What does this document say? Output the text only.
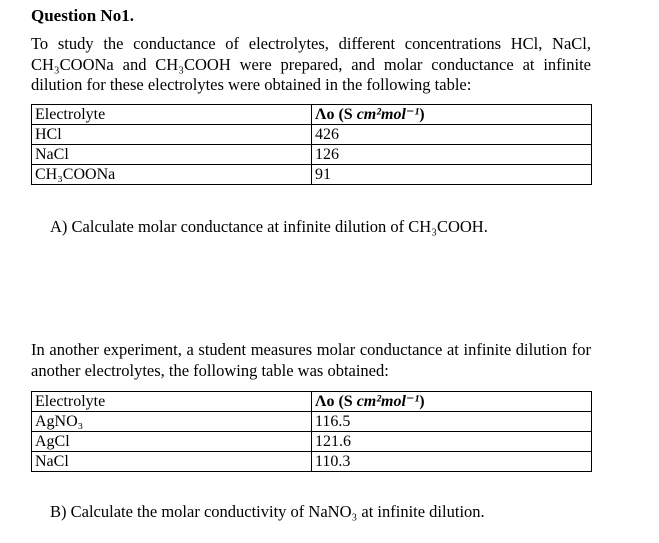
Question No1.
To study the conductance of electrolytes, different concentrations HCl, NaCl, CH₃COONa and CH₃COOH were prepared, and molar conductance at infinite dilution for these electrolytes were obtained in the following table:
Electrolyte	Λo (S cm²mol⁻¹)
HCl	426
NaCl	126
CH₃COONa	91
A) Calculate molar conductance at infinite dilution of CH₃COOH.
In another experiment, a student measures molar conductance at infinite dilution for another electrolytes, the following table was obtained:
Electrolyte	Λo (S cm²mol⁻¹)
AgNO₃	116.5
AgCl	121.6
NaCl	110.3
B) Calculate the molar conductivity of NaNO₃ at infinite dilution.
